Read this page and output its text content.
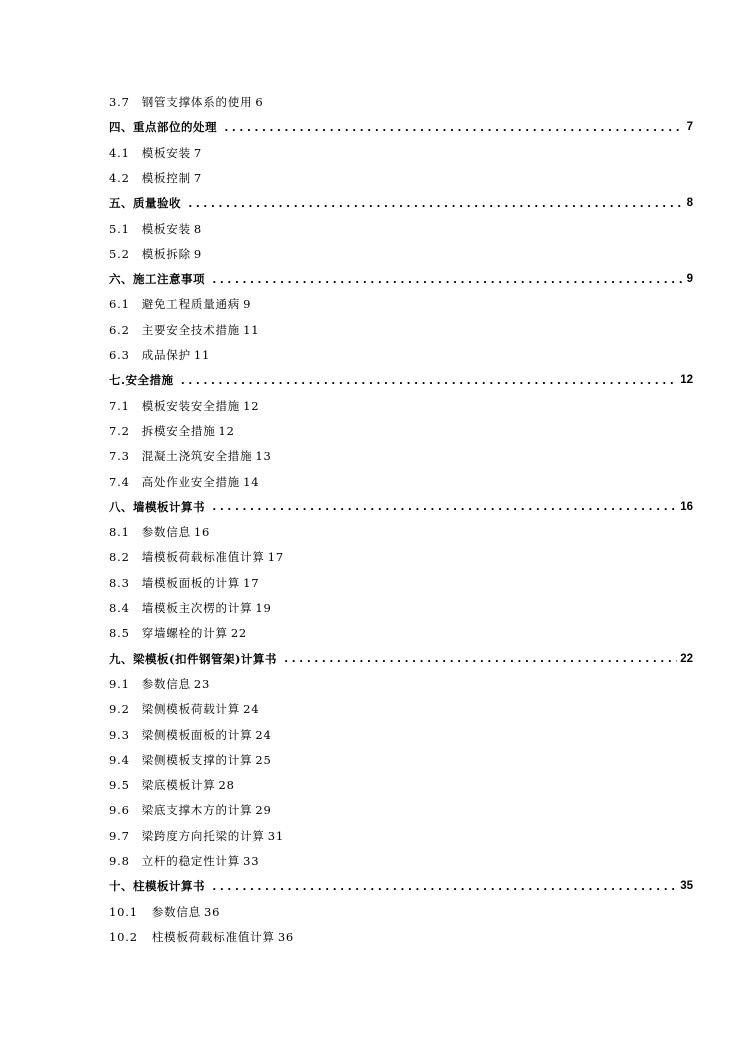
3.7 钢管支撑体系的使用 6
四、重点部位的处理 .....	7
4.1 模板安装 7
4.2 模板控制 7
五、质量验收 .....	8
5.1 模板安装 8
5.2 模板拆除 9
六、施工注意事项 .....	9
6.1 避免工程质量通病 9
6.2 主要安全技术措施 11
6.3 成品保护 11
七.安全措施 .....	12
7.1 模板安装安全措施 12
7.2 拆模安全措施 12
7.3 混凝土浇筑安全措施 13
7.4 高处作业安全措施 14
八、墙模板计算书 .....	16
8.1 参数信息 16
8.2 墙模板荷载标准值计算 17
8.3 墙模板面板的计算 17
8.4 墙模板主次楞的计算 19
8.5 穿墙螺栓的计算 22
九、梁模板(扣件钢管架)计算书 .....	22
9.1 参数信息 23
9.2 梁侧模板荷载计算 24
9.3 梁侧模板面板的计算 24
9.4 梁侧模板支撑的计算 25
9.5 梁底模板计算 28
9.6 梁底支撑木方的计算 29
9.7 梁跨度方向托梁的计算 31
9.8 立杆的稳定性计算 33
十、柱模板计算书 .....	35
10.1 参数信息 36
10.2 柱模板荷载标准值计算 36
